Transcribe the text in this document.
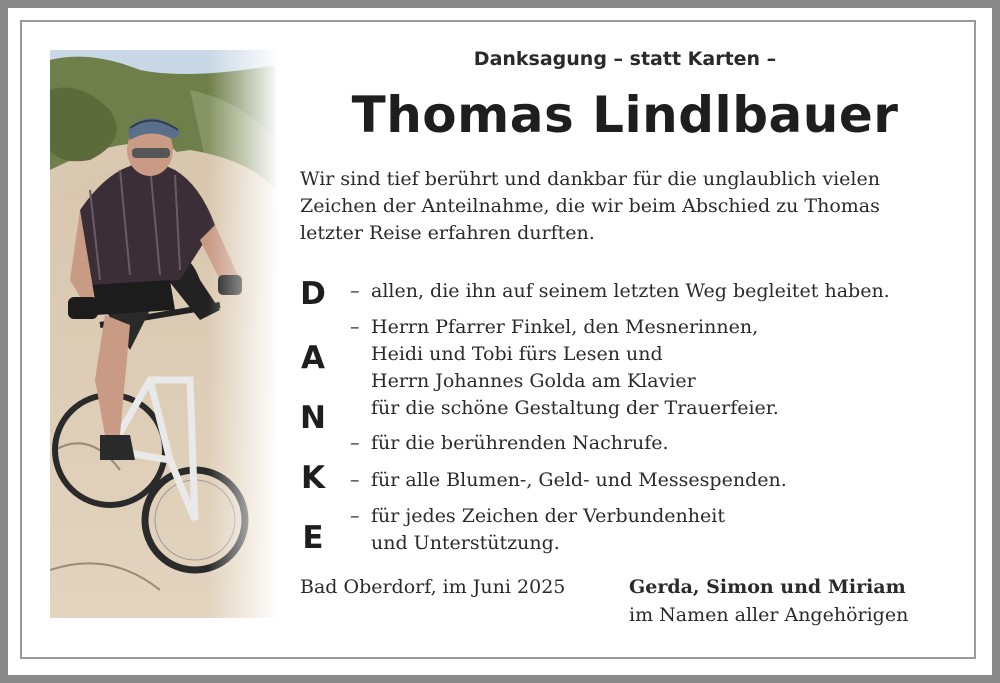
Danksagung – statt Karten –
Thomas Lindlbauer
Wir sind tief berührt und dankbar für die unglaublich vielen
Zeichen der Anteilnahme, die wir beim Abschied zu Thomas
letzter Reise erfahren durften.
D
A
N
K
E
– allen, die ihn auf seinem letzten Weg begleitet haben.
– Herrn Pfarrer Finkel, den Mesnerinnen,
Heidi und Tobi fürs Lesen und
Herrn Johannes Golda am Klavier
für die schöne Gestaltung der Trauerfeier.
– für die berührenden Nachrufe.
– für alle Blumen-, Geld- und Messespenden.
– für jedes Zeichen der Verbundenheit
und Unterstützung.
Bad Oberdorf, im Juni 2025	Gerda, Simon und Miriam
im Namen aller Angehörigen
